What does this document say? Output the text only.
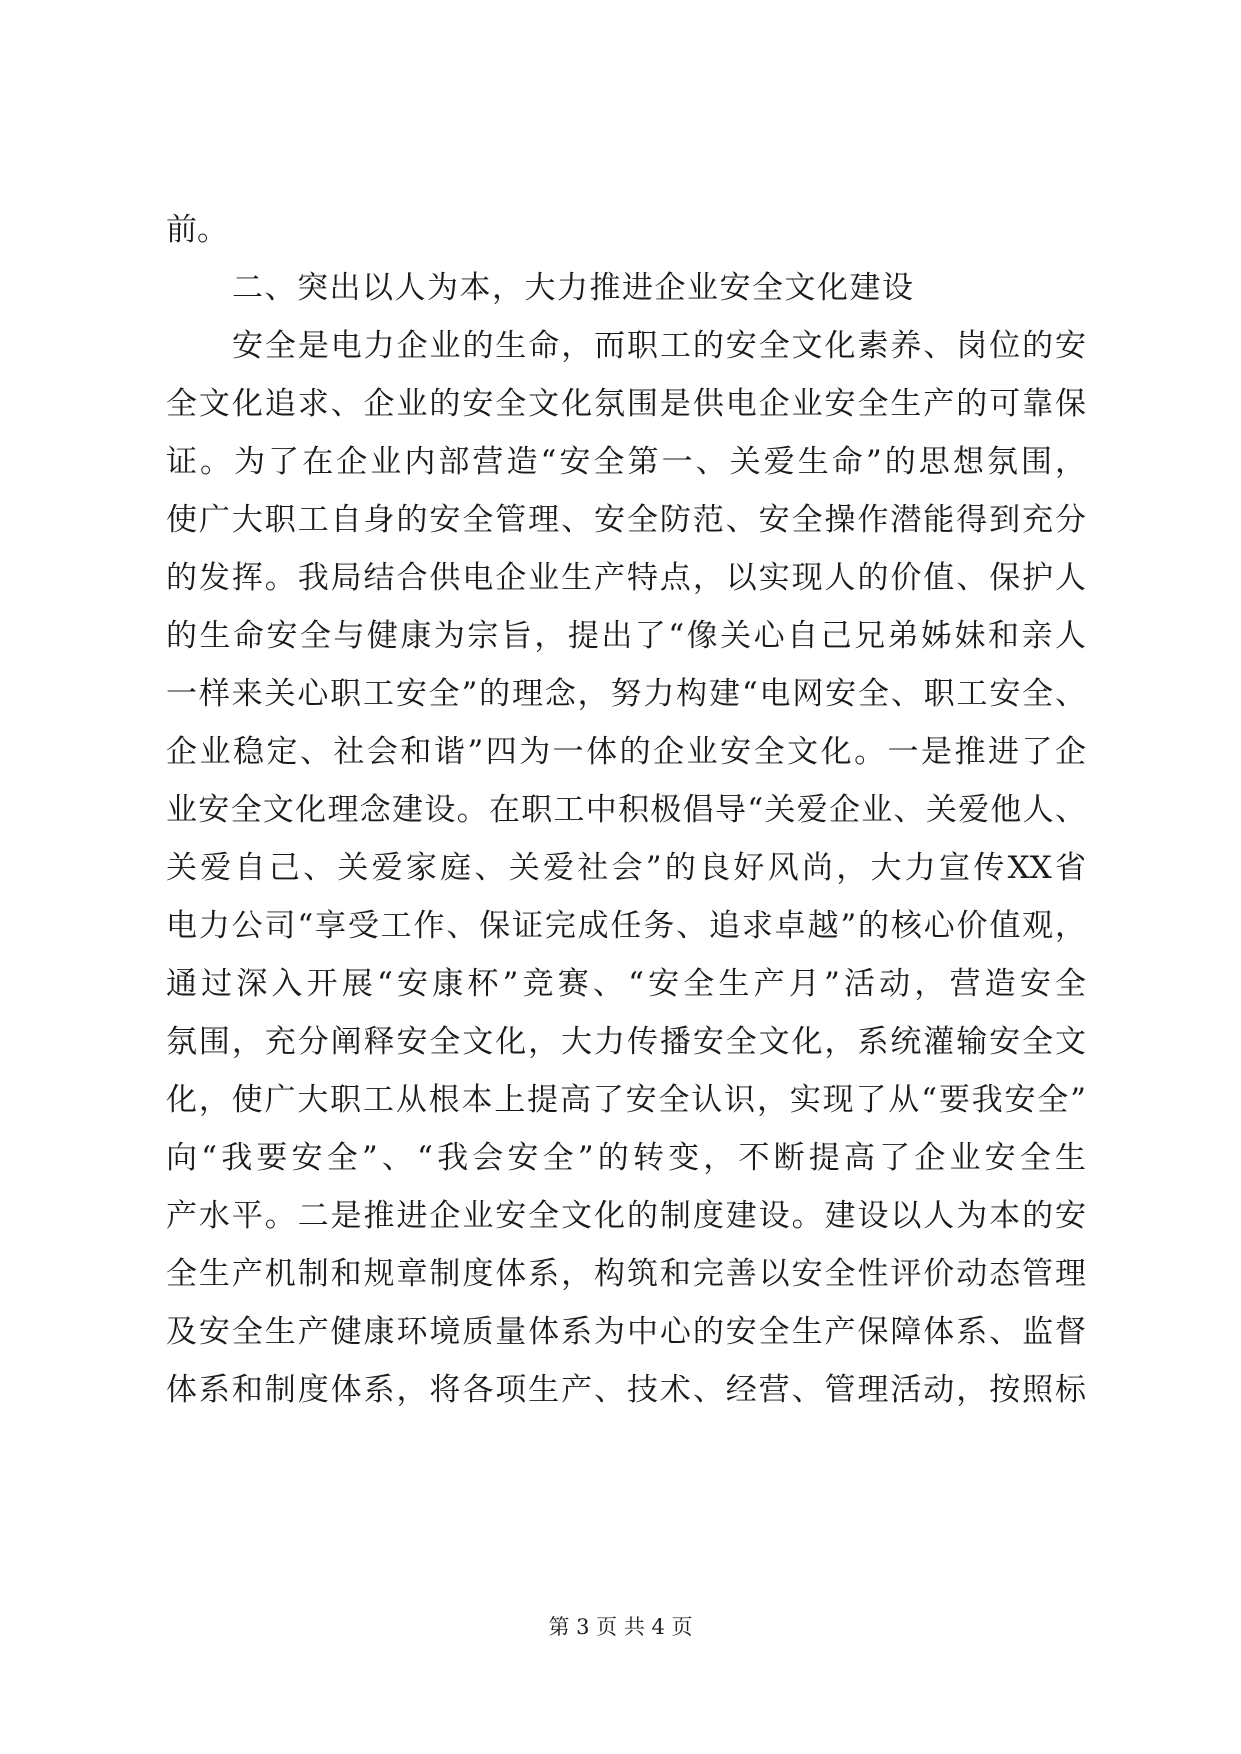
前。
二、突出以人为本，大力推进企业安全文化建设
安全是电力企业的生命，而职工的安全文化素养、岗位的安
全文化追求、企业的安全文化氛围是供电企业安全生产的可靠保
证。为了在企业内部营造“安全第一、关爱生命”的思想氛围，
使广大职工自身的安全管理、安全防范、安全操作潜能得到充分
的发挥。我局结合供电企业生产特点，以实现人的价值、保护人
的生命安全与健康为宗旨，提出了“像关心自己兄弟姊妹和亲人
一样来关心职工安全”的理念，努力构建“电网安全、职工安全、
企业稳定、社会和谐”四为一体的企业安全文化。一是推进了企
业安全文化理念建设。在职工中积极倡导“关爱企业、关爱他人、
关爱自己、关爱家庭、关爱社会”的良好风尚，大力宣传XX省
电力公司“享受工作、保证完成任务、追求卓越”的核心价值观，
通过深入开展“安康杯”竞赛、“安全生产月”活动，营造安全
氛围，充分阐释安全文化，大力传播安全文化，系统灌输安全文
化，使广大职工从根本上提高了安全认识，实现了从“要我安全”
向“我要安全”、“我会安全”的转变，不断提高了企业安全生
产水平。二是推进企业安全文化的制度建设。建设以人为本的安
全生产机制和规章制度体系，构筑和完善以安全性评价动态管理
及安全生产健康环境质量体系为中心的安全生产保障体系、监督
体系和制度体系，将各项生产、技术、经营、管理活动，按照标
第 3 页 共 4 页
